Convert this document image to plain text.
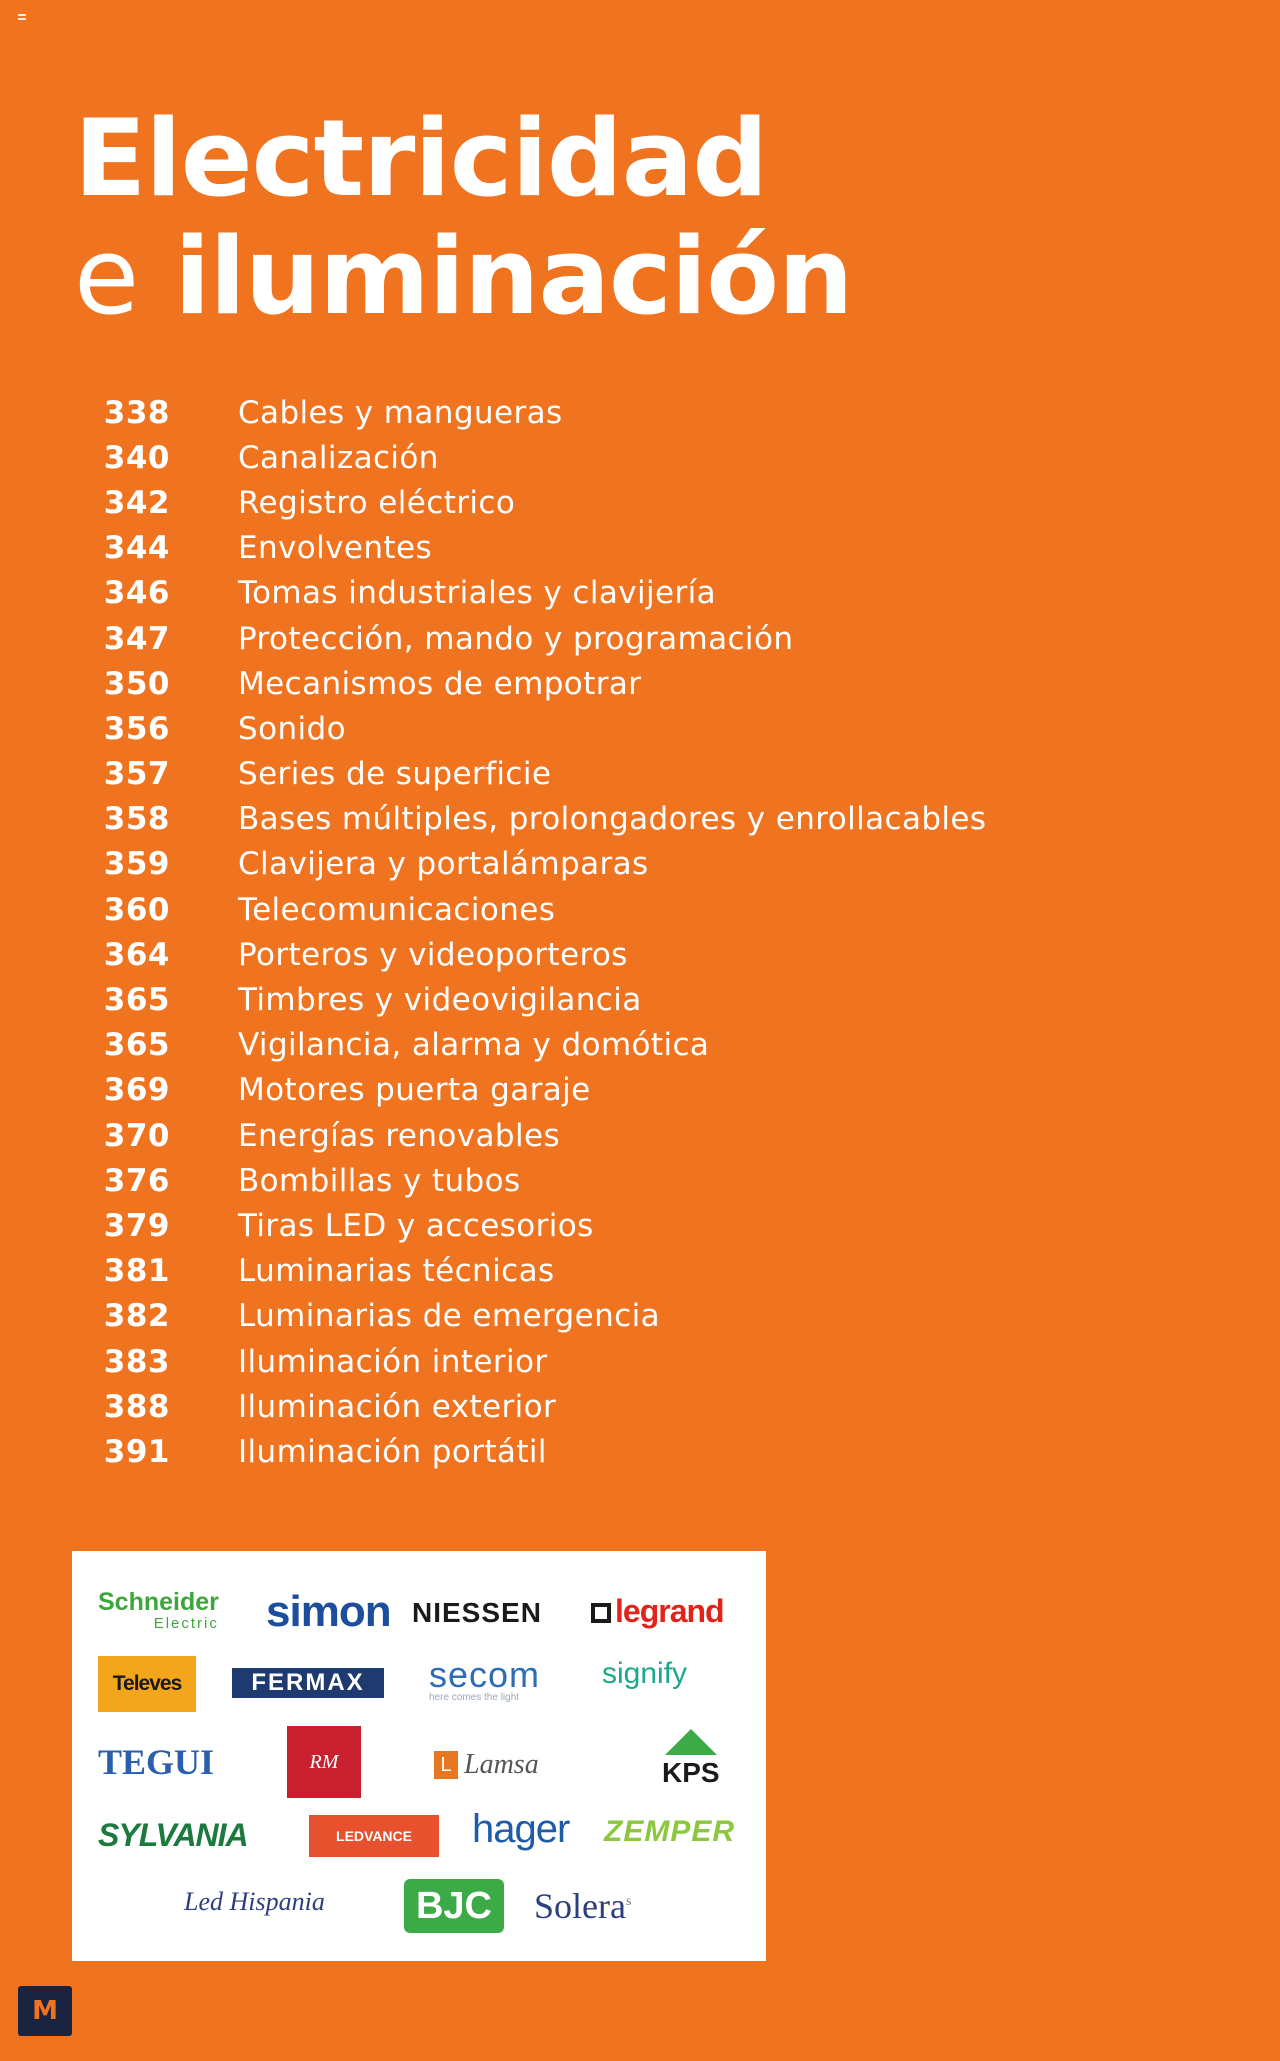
Electricidad
e iluminación
338 Cables y mangueras
340 Canalización
342 Registro eléctrico
344 Envolventes
346 Tomas industriales y clavijería
347 Protección, mando y programación
350 Mecanismos de empotrar
356 Sonido
357 Series de superficie
358 Bases múltiples, prolongadores y enrollacables
359 Clavijera y portalámparas
360 Telecomunicaciones
364 Porteros y videoporteros
365 Timbres y videovigilancia
365 Vigilancia, alarma y domótica
369 Motores puerta garaje
370 Energías renovables
376 Bombillas y tubos
379 Tiras LED y accesorios
381 Luminarias técnicas
382 Luminarias de emergencia
383 Iluminación interior
388 Iluminación exterior
391 Iluminación portátil
Schneider
Electric simon NIESSEN	legrand
Televes	FERMAX	secom
here comes the light
signify
TEGUI	RM	L Lamsa	KPS
SYLVANIA	LEDVANCE	hager ZEMPER
Led Hispania	BJC	Solera$^s$
M
